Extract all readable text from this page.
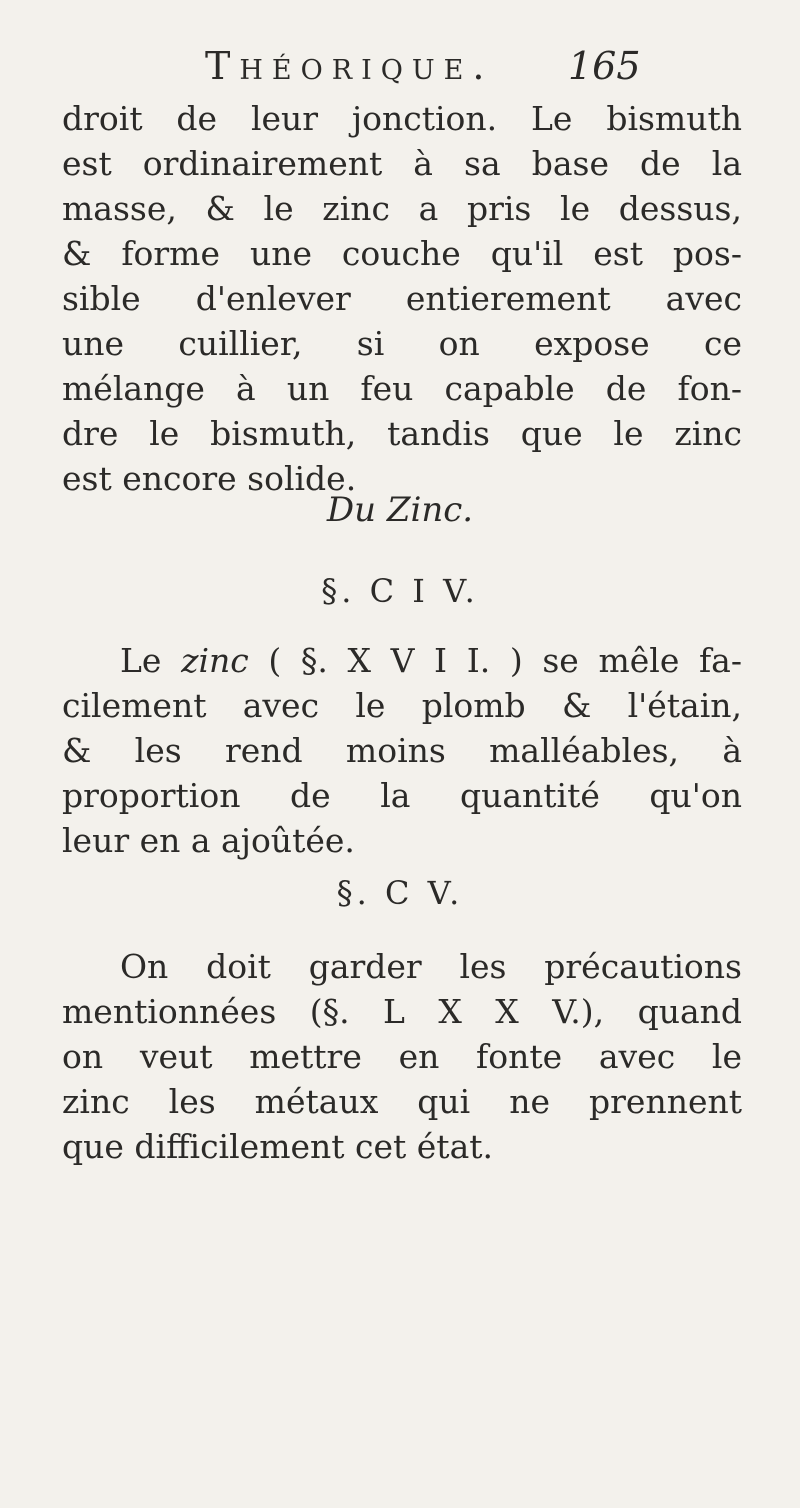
Théorique. 165
droit de leur jonction. Le bismuth
est ordinairement à sa base de la
masse, & le zinc a pris le dessus,
& forme une couche qu'il est pos-
sible d'enlever entierement avec
une cuillier, si on expose ce
mélange à un feu capable de fon-
dre le bismuth, tandis que le zinc
est encore solide.
Du Zinc.
§. C I V.
Le zinc ( §. X V I I. ) se mêle fa-
cilement avec le plomb & l'étain,
& les rend moins malléables, à
proportion de la quantité qu'on
leur en a ajoûtée.
§. C V.
On doit garder les précautions
mentionnées (§. L X X V.), quand
on veut mettre en fonte avec le
zinc les métaux qui ne prennent
que difficilement cet état.
